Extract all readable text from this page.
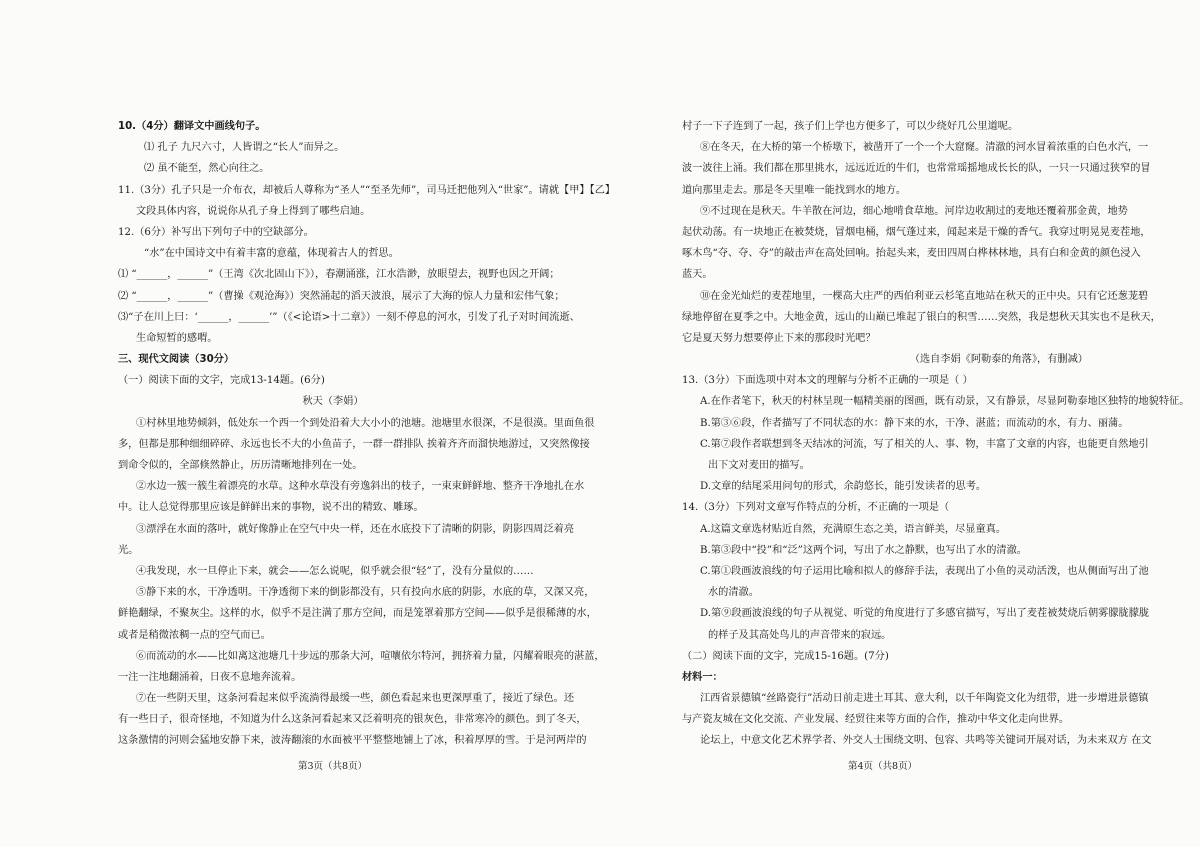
10.（4分）翻译文中画线句子。
⑴ 孔子 九尺六寸，人皆谓之“长人”而异之。
⑵ 虽不能至，然心向往之。
11.（3分）孔子只是一介布衣，却被后人尊称为“圣人”“至圣先师”，司马迁把他列入“世家”。请就【甲】【乙】
文段具体内容，说说你从孔子身上得到了哪些启迪。
12.（6分）补写出下列句子中的空缺部分。
“水”在中国诗文中有着丰富的意蕴，体现着古人的哲思。
⑴ “______，______”（王湾《次北固山下》），春潮涌涨，江水浩渺，放眼望去，视野也因之开阔；
⑵ “______，______”（曹操《观沧海》）突然涌起的滔天波浪，展示了大海的惊人力量和宏伟气象；
⑶“子在川上曰：‘______，______’”（《<论语>十二章》）一刻不停息的河水，引发了孔子对时间流逝、
生命短暂的感喟。
三、现代文阅读（30分）
（一）阅读下面的文字，完成13-14题。(6分)
秋天（李娟）
①村林里地势倾斜，低处东一个西一个到处沿着大大小小的池塘。池塘里水很深，不是很漠。里面鱼很
多，但都是那种细细碎碎、永远也长不大的小鱼苗子，一群一群排队 挨着齐齐而溜快地游过，又突然像接
到命令似的，全部倏然静止，历历清晰地排列在一处。
②水边一簇一簇生着漂亮的水草。这种水草没有旁逸斜出的枝子，一束束鲜鲜地、整齐干净地扎在水
中。让人总觉得那里应该是鲜鲜出来的事物，说不出的精致、雕琢。
③漂浮在水面的落叶，就好像静止在空气中央一样，还在水底投下了清晰的阴影，阴影四周泛着亮
光。
④我发现，水一旦停止下来，就会——怎么说呢，似乎就会很“轻”了，没有分量似的……
⑤静下来的水，干净透明。干净透彻下来的倒影都没有，只有投向水底的阴影，水底的草，又深又亮，
鲜艳翻绿，不聚灰尘。这样的水，似乎不是注满了那方空间，而是笼罩着那方空间——似乎是很稀薄的水，
或者是稍微浓稠一点的空气而已。
⑥而流动的水——比如离这池塘几十步远的那条大河，喧嚷依尔特河，拥挤着力量，闪耀着眼亮的湛蓝，
一注一注地翻涌着，日夜不息地奔流着。
⑦在一些阴天里，这条河看起来似乎流淌得最缓一些，颜色看起来也更深厚重了，接近了绿色。还
有一些日子，很奇怪地，不知道为什么这条河看起来又泛着明亮的银灰色，非常寒冷的颜色。到了冬天，
这条激情的河则会猛地安静下来，波涛翻滚的水面被平平整整地铺上了冰，积着厚厚的雪。于是河两岸的
第3页（共8页）
村子一下子连到了一起，孩子们上学也方便多了，可以少绕好几公里道呢。
⑧在冬天，在大桥的第一个桥墩下，被凿开了一个一个大窟窿。清澈的河水冒着浓重的白色水汽，一
波一波往上涌。我们都在那里挑水，远远近近的牛们，也常常瑶摇地成长长的队，一只一只通过狭窄的冒
道向那里走去。那是冬天里唯一能找到水的地方。
⑨不过现在是秋天。牛羊散在河边，细心地啃食草地。河岸边收割过的麦地还覆着那金黄，地势
起伏动荡。有一块地正在被焚烧，冒烟电桶，烟气蓬过来，闻起来是干燥的香气。我穿过明晃晃麦茬地，
啄木鸟“夺、夺、夺”的敲击声在高处回响。抬起头来，麦田四周白桦林林地，具有白和金黄的颜色浸入
蓝天。
⑩在金光灿烂的麦茬地里，一棵高大庄严的西伯利亚云杉笔直地站在秋天的正中央。只有它还葱茏碧
绿地停留在夏季之中。大地金黄，远山的山巅已堆起了银白的积雪……突然，我是想秋天其实也不是秋天，
它是夏天努力想要停止下来的那段时光吧？
（选自李娟《阿勒泰的角落》，有删减）
13.（3分）下面选项中对本文的理解与分析不正确的一项是（ ）
A.在作者笔下，秋天的村林呈现一幅精美丽的图画，既有动景，又有静景，尽显阿勒泰地区独特的地貌特征。
B.第③⑥段，作者描写了不同状态的水：静下来的水，干净、湛蓝；而流动的水，有力、丽蒲。
C.第⑦段作者联想到冬天结冰的河流，写了相关的人、事、物，丰富了文章的内容，也能更自然地引
出下文对麦田的描写。
D.文章的结尾采用问句的形式，余韵悠长，能引发读者的思考。
14.（3分）下列对文章写作特点的分析，不正确的一项是（
A.这篇文章选材贴近自然，充满原生态之美，语言鲜美，尽显童真。
B.第③段中“投”和“泛”这两个词，写出了水之静默，也写出了水的清澈。
C.第①段画波浪线的句子运用比喻和拟人的修辞手法，表现出了小鱼的灵动活泼，也从侧面写出了池
水的清澈。
D.第⑨段画波浪线的句子从视觉、听觉的角度进行了多感官描写，写出了麦茬被焚烧后朝雾朦胧朦胧
的样子及其高处鸟儿的声音带来的寂远。
（二）阅读下面的文字，完成15-16题。(7分)
材料一：
江西省景德镇“丝路瓷行”活动日前走进土耳其、意大利，以千年陶瓷文化为纽带，进一步增进景德镇
与产瓷友城在文化交流、产业发展、经贸往来等方面的合作，推动中华文化走向世界。
论坛上，中意文化艺术界学者、外交人士围绕文明、包容、共鸣等关键词开展对话，为未来双方 在文
第4页（共8页）
